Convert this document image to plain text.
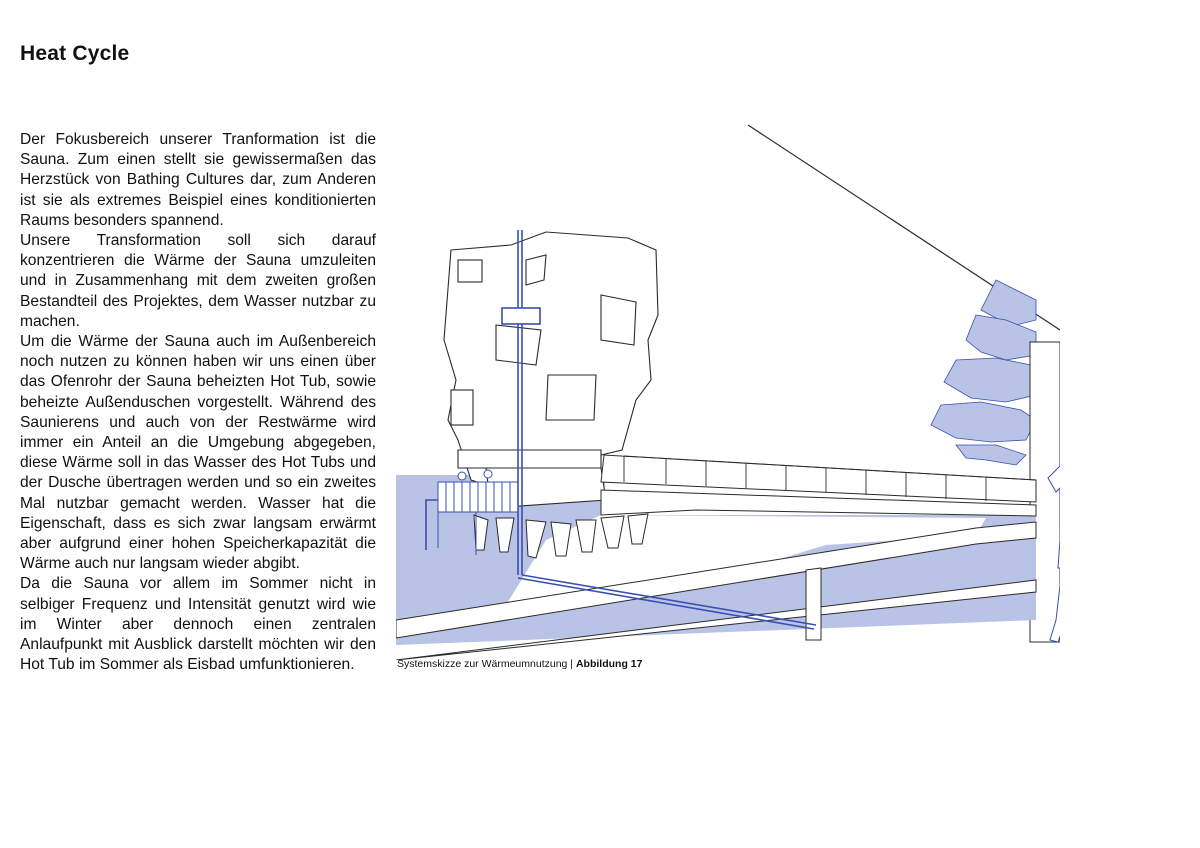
Heat Cycle

Der Fokusbereich unserer Tranformation ist die Sauna. Zum einen stellt sie gewissermaßen das Herzstück von Bathing Cultures dar, zum Anderen ist sie als extremes Beispiel eines konditionierten Raums besonders spannend.

Unsere Transformation soll sich darauf konzentrieren die Wärme der Sauna umzuleiten und in Zusammenhang mit dem zweiten großen Bestandteil des Projektes, dem Wasser nutzbar zu machen.

Um die Wärme der Sauna auch im Außenbereich noch nutzen zu können haben wir uns einen über das Ofenrohr der Sauna beheizten Hot Tub, sowie beheizte Außenduschen vorgestellt. Während des Saunierens und auch von der Restwärme wird immer ein Anteil an die Umgebung abgegeben, diese Wärme soll in das Wasser des Hot Tubs und der Dusche übertragen werden und so ein zweites Mal nutzbar gemacht werden. Wasser hat die Eigenschaft, dass es sich zwar langsam erwärmt aber aufgrund einer hohen Speicherkapazität die Wärme auch nur langsam wieder abgibt.

Da die Sauna vor allem im Sommer nicht in selbiger Frequenz und Intensität genutzt wird wie im Winter aber dennoch einen zentralen Anlaufpunkt mit Ausblick darstellt möchten wir den Hot Tub im Sommer als Eisbad umfunktionieren.	Systemskizze zur Wärmeumnutzung | Abbildung 17
